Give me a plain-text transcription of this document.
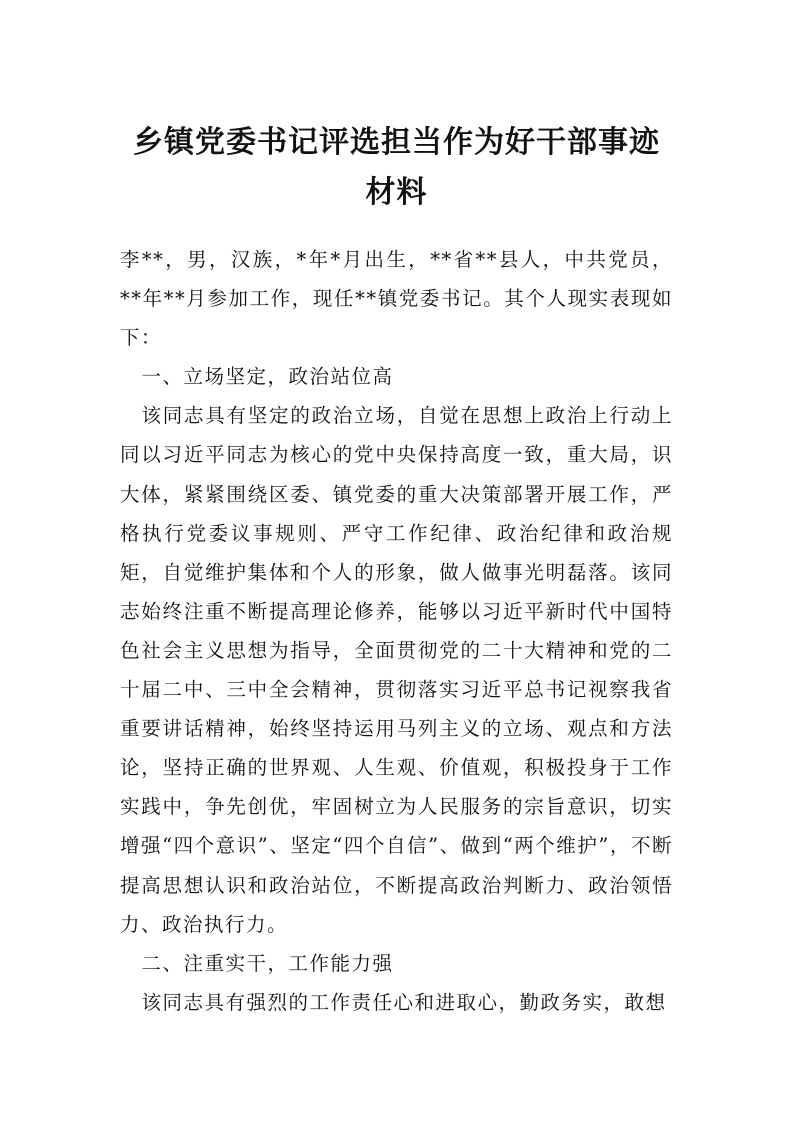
乡镇党委书记评选担当作为好干部事迹材料

李**，男，汉族，*年*月出生，**省**县人，中共党员，**年**月参加工作，现任**镇党委书记。其个人现实表现如下：

一、立场坚定，政治站位高

该同志具有坚定的政治立场，自觉在思想上政治上行动上同以习近平同志为核心的党中央保持高度一致，重大局，识大体，紧紧围绕区委、镇党委的重大决策部署开展工作，严格执行党委议事规则、严守工作纪律、政治纪律和政治规矩，自觉维护集体和个人的形象，做人做事光明磊落。该同志始终注重不断提高理论修养，能够以习近平新时代中国特色社会主义思想为指导，全面贯彻党的二十大精神和党的二十届二中、三中全会精神，贯彻落实习近平总书记视察我省重要讲话精神，始终坚持运用马列主义的立场、观点和方法论，坚持正确的世界观、人生观、价值观，积极投身于工作实践中，争先创优，牢固树立为人民服务的宗旨意识，切实增强“四个意识”、坚定“四个自信”、做到“两个维护”，不断提高思想认识和政治站位，不断提高政治判断力、政治领悟力、政治执行力。

二、注重实干，工作能力强

该同志具有强烈的工作责任心和进取心，勤政务实，敢想
